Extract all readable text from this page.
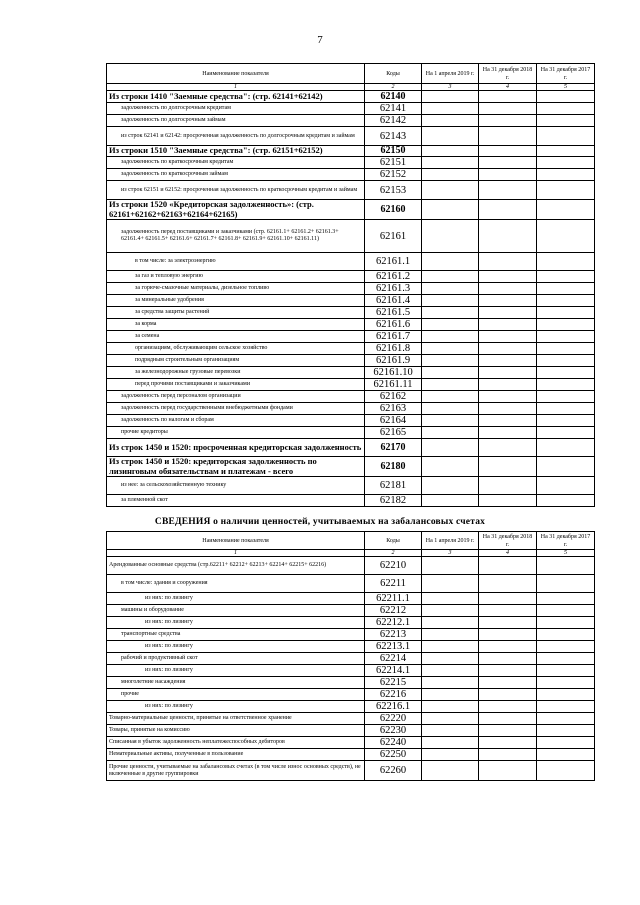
7
Наименование показателя	Коды	На 1 апреля 2019 г.	На 31 декабря 2018 г.	На 31 декабря 2017 г.
1	2	3	4	5
Из строки 1410 "Заемные средства": (стр. 62141+62142)	62140			
задолженность по долгосрочным кредитам	62141			
задолженность по долгосрочным займам	62142			
из строк 62141 и 62142: просроченная задолженность по долгосрочным кредитам и займам	62143			
Из строки 1510 "Заемные средства": (стр. 62151+62152)	62150			
задолженность по краткосрочным кредитам	62151			
задолженность по краткосрочным займам	62152			
из строк 62151 и 62152: просроченная задолженность по краткосрочным кредитам и займам	62153			
Из строки 1520 «Кредиторская задолженность»: (стр. 62161+62162+62163+62164+62165)	62160			
задолженность перед поставщиками и заказчиками (стр. 62161.1+ 62161.2+ 62161.3+ 62161.4+ 62161.5+ 62161.6+ 62161.7+ 62161.8+ 62161.9+ 62161.10+ 62161.11)	62161			
в том числе: за электроэнергию	62161.1			
за газ и тепловую энергию	62161.2			
за горюче-смазочные материалы, дизельное топливо	62161.3			
за минеральные удобрения	62161.4			
за средства защиты растений	62161.5			
за корма	62161.6			
за семена	62161.7			
организациям, обслуживающим сельское хозяйство	62161.8			
подрядным строительным организациям	62161.9			
за железнодорожные грузовые перевозки	62161.10			
перед прочими поставщиками и заказчиками	62161.11			
задолженность перед персоналом организации	62162			
задолженность перед государственными внебюджетными фондами	62163			
задолженность по налогам и сборам	62164			
прочие кредиторы	62165			
Из строк 1450 и 1520: просроченная кредиторская задолженность	62170			
Из строк 1450 и 1520: кредиторская задолженность по лизинговым обязательствам и платежам - всего	62180			
из нее: за сельскохозяйственную технику	62181			
за племенной скот	62182			
СВЕДЕНИЯ о наличии ценностей, учитываемых на забалансовых счетах
Наименование показателя	Коды	На 1 апреля 2019 г.	На 31 декабря 2018 г.	На 31 декабря 2017 г.
1	2	3	4	5
Арендованные основные средства (стр.62211+ 62212+ 62213+ 62214+ 62215+ 62216)	62210			
в том числе: здания и сооружения	62211			
из них: по лизингу	62211.1			
машины и оборудование	62212			
из них: по лизингу	62212.1			
транспортные средства	62213			
из них: по лизингу	62213.1			
рабочий и продуктивный скот	62214			
из них: по лизингу	62214.1			
многолетние насаждения	62215			
прочие	62216			
из них: по лизингу	62216.1			
Товарно-материальные ценности, принятые на ответственное хранение	62220			
Товары, принятые на комиссию	62230			
Списанная в убыток задолженность неплатежеспособных дебиторов	62240			
Нематериальные активы, полученные в пользование	62250			
Прочие ценности, учитываемые на забалансовых счетах (в том числе износ основных средств), не включенные в другие группировки	62260			
